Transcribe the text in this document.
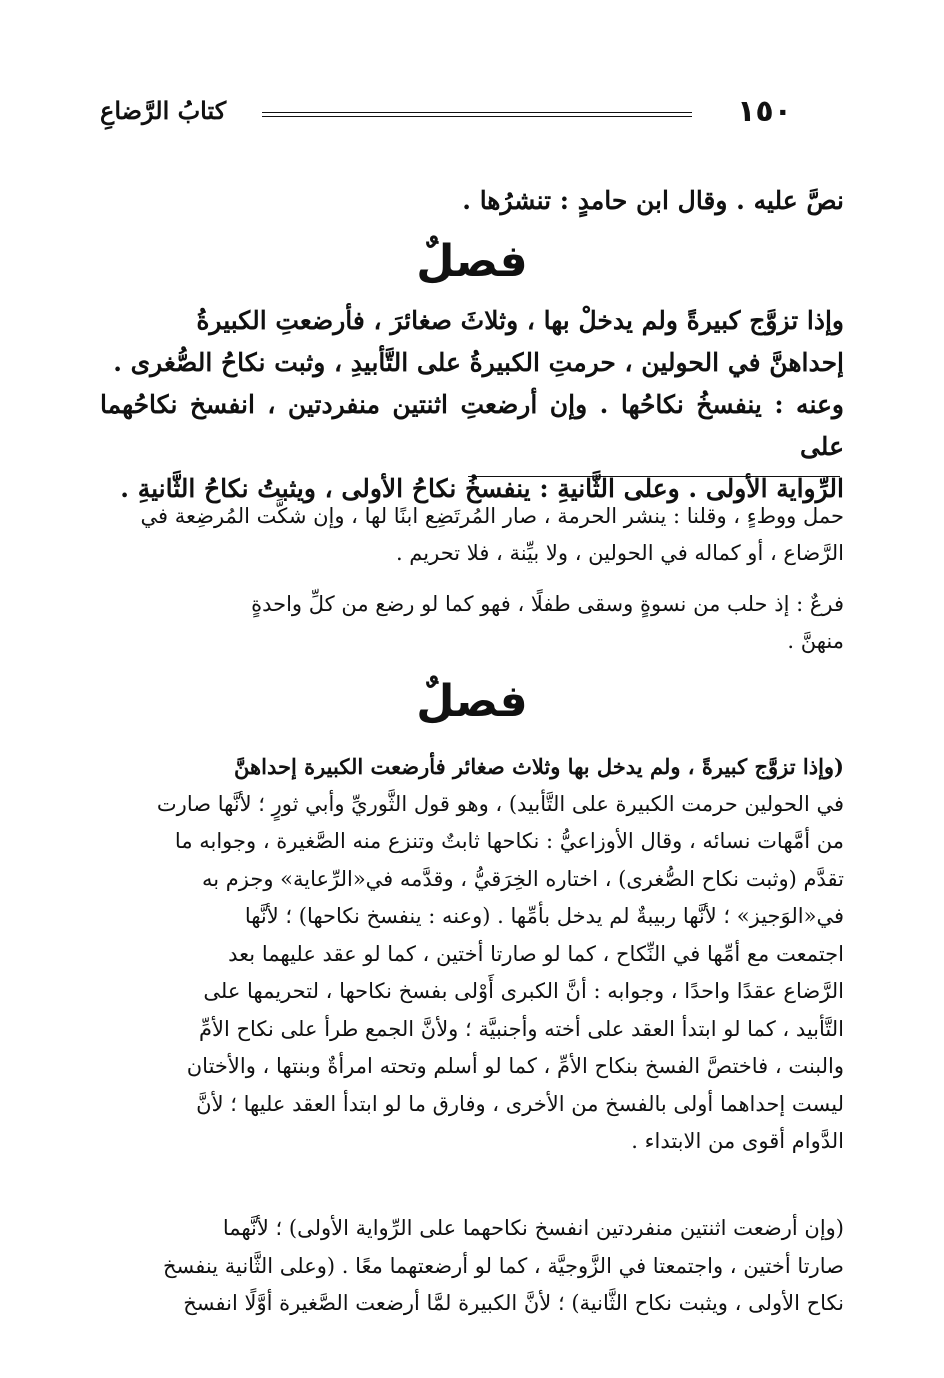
١٥٠
كتابُ الرَّضاعِ

نصَّ عليه . وقال ابن حامدٍ : تنشرُها .

فصلٌ

وإذا تزوَّج كبيرةً ولم يدخلْ بها ، وثلاثَ صغائرَ ، فأرضعتِ الكبيرةُ

إحداهنَّ في الحولين ، حرمتِ الكبيرةُ على التَّأبيدِ ، وثبت نكاحُ الصُّغرى .

وعنه : ينفسخُ نكاحُها . وإن أرضعتِ اثنتين منفردتين ، انفسخ نكاحُهما على

الرِّواية الأولى . وعلى الثَّانيةِ : ينفسخُ نكاحُ الأولى ، ويثبتُ نكاحُ الثَّانيةِ .

حمل ووطءٍ ، وقلنا : ينشر الحرمة ، صار المُرتَضِع ابنًا لها ، وإن شكَّت المُرضِعة في

الرَّضاع ، أو كماله في الحولين ، ولا بيِّنة ، فلا تحريم .

فرعٌ : إذ حلب من نسوةٍ وسقى طفلًا ، فهو كما لو رضع من كلِّ واحدةٍ

منهنَّ .

فصلٌ

(وإذا تزوَّج كبيرةً ، ولم يدخل بها وثلاث صغائر فأرضعت الكبيرة إحداهنَّ

في الحولين حرمت الكبيرة على التَّأبيد) ، وهو قول الثَّوريِّ وأبي ثورٍ ؛ لأنَّها صارت

من أمَّهات نسائه ، وقال الأوزاعيُّ : نكاحها ثابتٌ وتنزع منه الصَّغيرة ، وجوابه ما

تقدَّم (وثبت نكاح الصُّغرى) ، اختاره الخِرَقيُّ ، وقدَّمه في«الرِّعاية» وجزم به

في«الوَجيز» ؛ لأنَّها ربيبةٌ لم يدخل بأمِّها . (وعنه : ينفسخ نكاحها) ؛ لأنَّها

اجتمعت مع أمِّها في النِّكاح ، كما لو صارتا أختين ، كما لو عقد عليهما بعد

الرَّضاع عقدًا واحدًا ، وجوابه : أنَّ الكبرى أَوْلى بفسخ نكاحها ، لتحريمها على

التَّأبيد ، كما لو ابتدأ العقد على أخته وأجنبيَّة ؛ ولأنَّ الجمع طرأ على نكاح الأمِّ

والبنت ، فاختصَّ الفسخ بنكاح الأمِّ ، كما لو أسلم وتحته امرأةٌ وبنتها ، والأختان

ليست إحداهما أولى بالفسخ من الأخرى ، وفارق ما لو ابتدأ العقد عليها ؛ لأنَّ

الدَّوام أقوى من الابتداء .

(وإن أرضعت اثنتين منفردتين انفسخ نكاحهما على الرِّواية الأولى) ؛ لأنَّهما

صارتا أختين ، واجتمعتا في الزَّوجيَّة ، كما لو أرضعتهما معًا . (وعلى الثَّانية ينفسخ

نكاح الأولى ، ويثبت نكاح الثَّانية) ؛ لأنَّ الكبيرة لمَّا أرضعت الصَّغيرة أوَّلًا انفسخ
